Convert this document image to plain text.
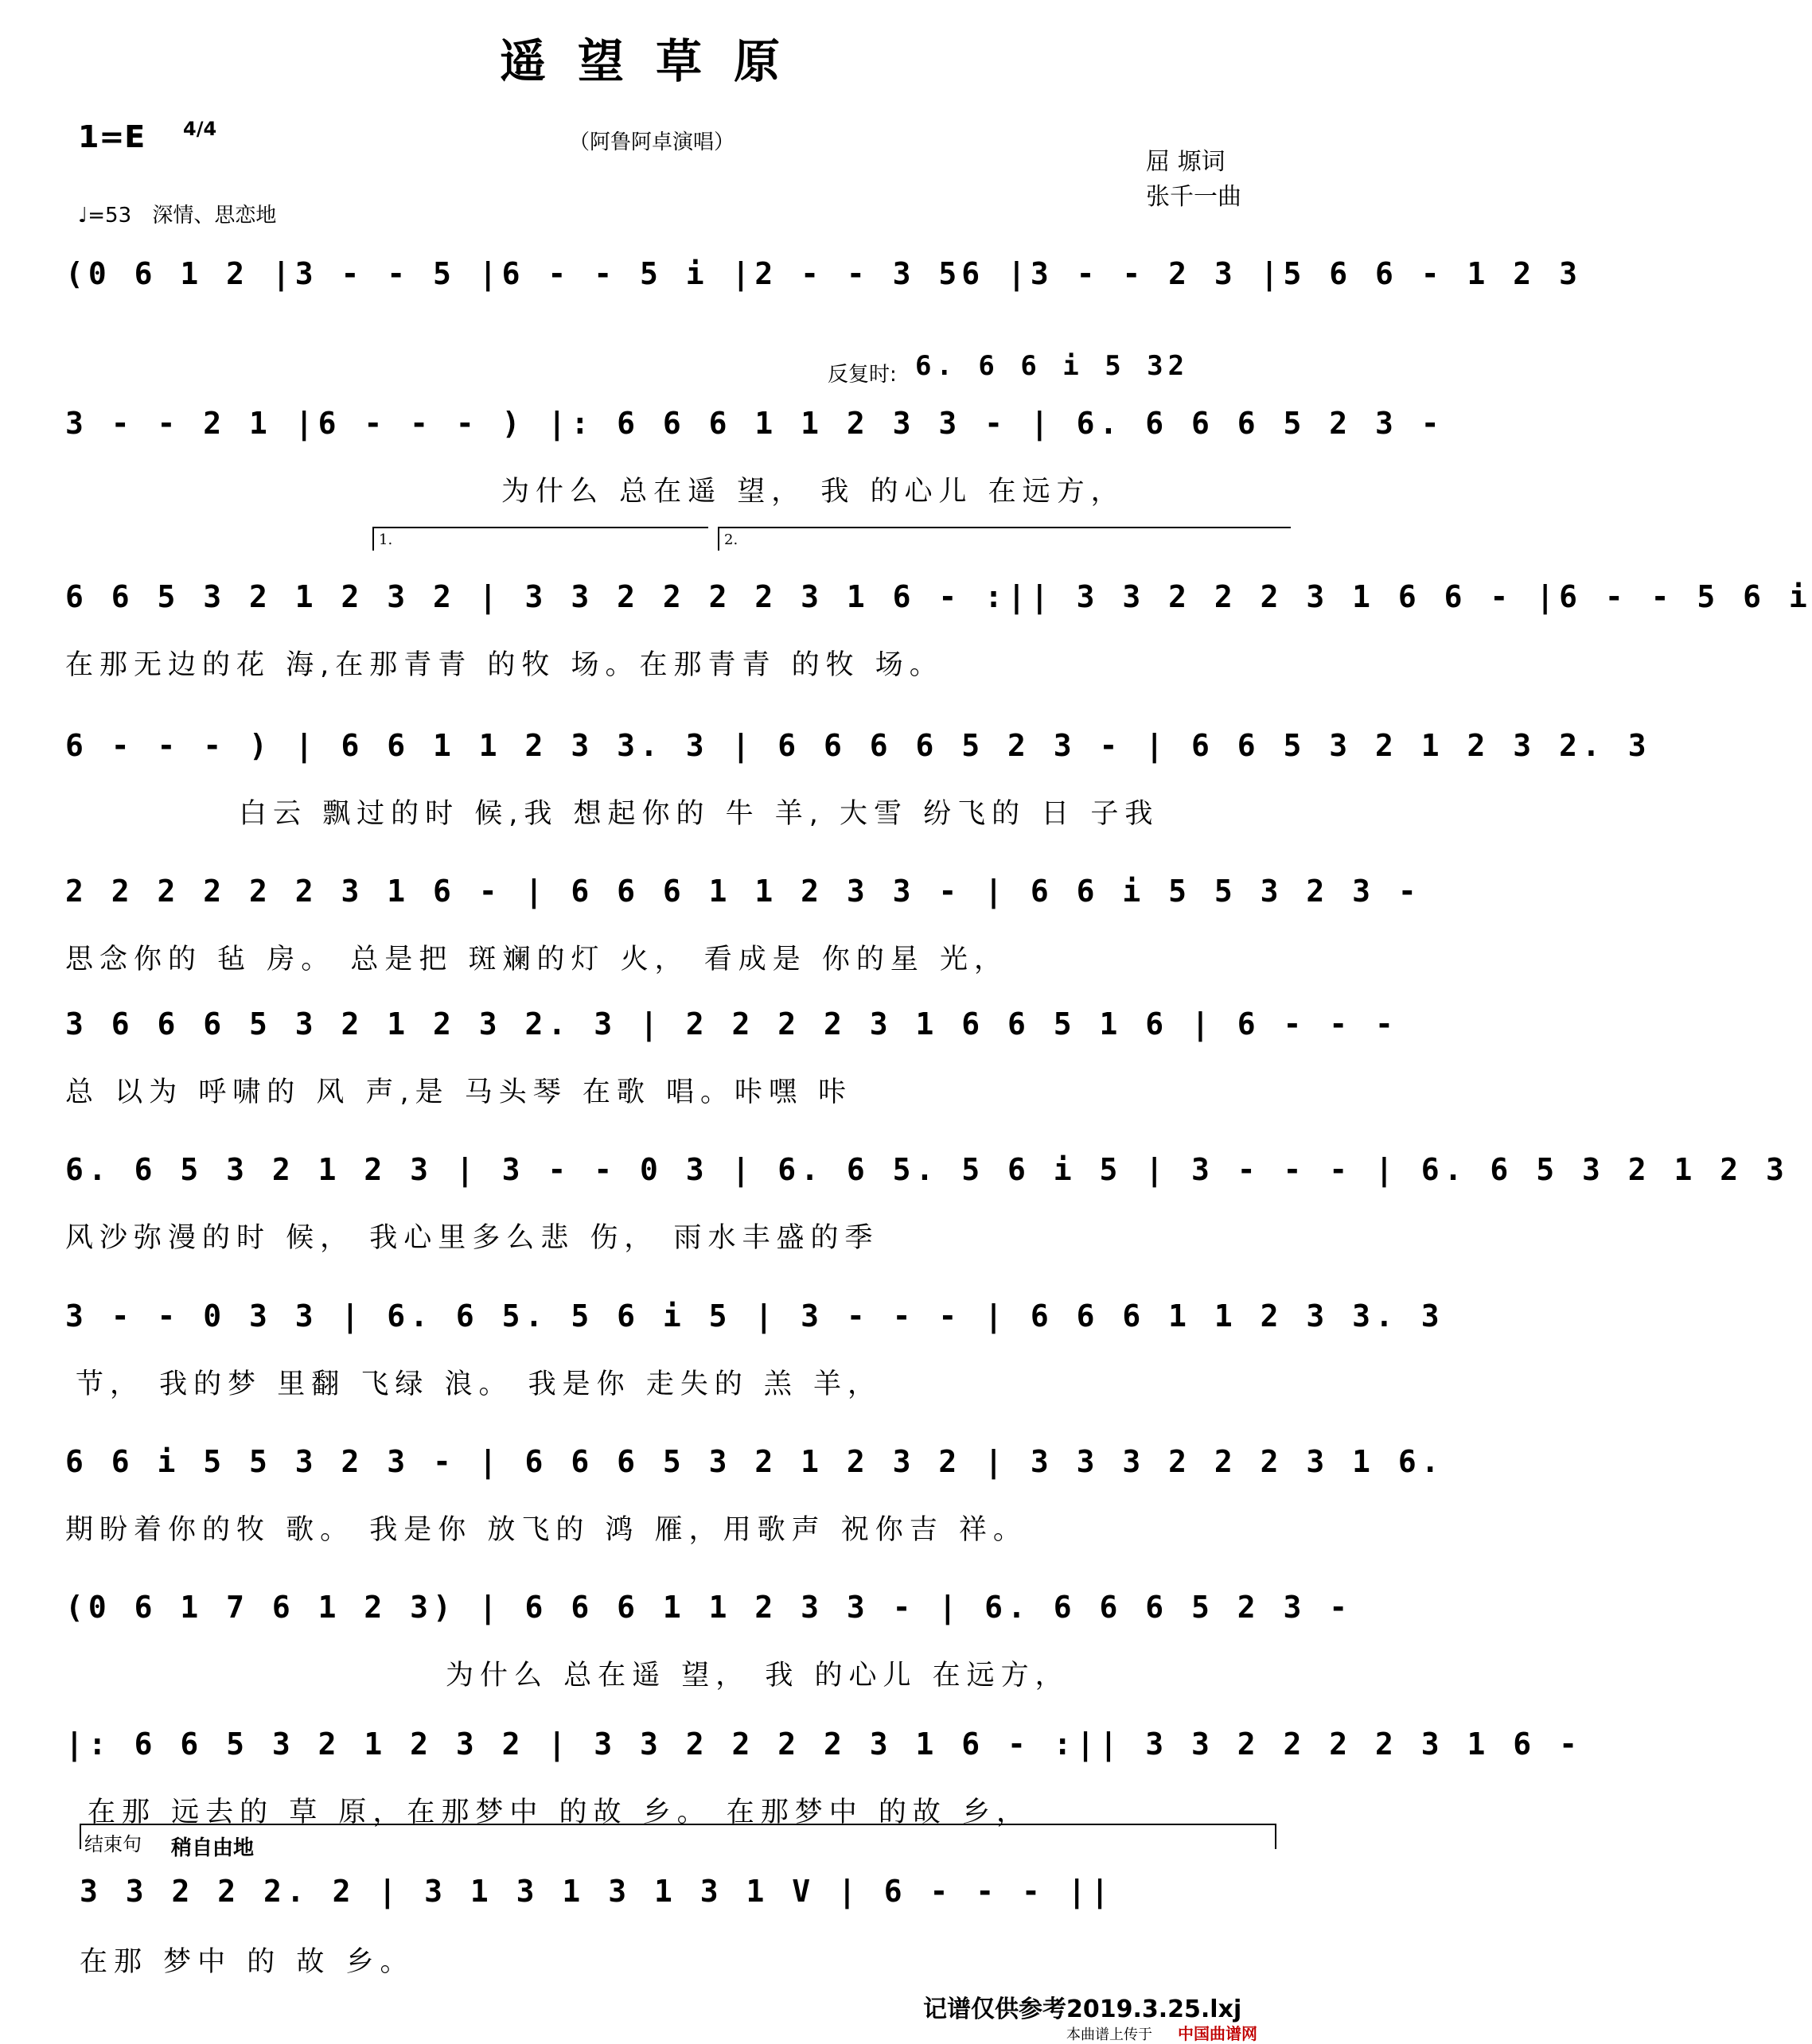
遥望草原
1=E 4/4
♩=53 深情、思恋地
（阿鲁阿卓演唱）
屈 塬词
张千一曲
(0 6 1 2 |3 - - 5 |6 - - 5 i |2 - - 3 56 |3 - - 2 3 |5 6 6 - 1 2 3
反复时: 6. 6 6 i 5 32
3 - - 2 1 |6 - - - ) |: 6 6 6 1 1 2 3 3 - | 6. 6 6 6 5 2 3 -
为什么 总在遥 望， 我 的心儿 在远方，
1.	2.
6 6 5 3 2 1 2 3 2 | 3 3 2 2 2 2 3 1 6 - :|| 3 3 2 2 2 3 1 6 6 - |6 - - 5 6 i
在那无边的花 海,在那青青 的牧 场。在那青青 的牧 场。
6 - - - ) | 6 6 1 1 2 3 3. 3 | 6 6 6 6 5 2 3 - | 6 6 5 3 2 1 2 3 2. 3
白云 飘过的时 候,我 想起你的 牛 羊, 大雪 纷飞的 日 子我
2 2 2 2 2 2 3 1 6 - | 6 6 6 1 1 2 3 3 - | 6 6 i 5 5 3 2 3 -
思念你的 毡 房。 总是把 斑斓的灯 火， 看成是 你的星 光，
3 6 6 6 5 3 2 1 2 3 2. 3 | 2 2 2 2 3 1 6 6 5 1 6 | 6 - - -
总 以为 呼啸的 风 声,是 马头琴 在歌 唱。咔嘿 咔
6. 6 5 3 2 1 2 3 | 3 - - 0 3 | 6. 6 5. 5 6 i 5 | 3 - - - | 6. 6 5 3 2 1 2 3
风沙弥漫的时 候， 我心里多么悲 伤， 雨水丰盛的季
3 - - 0 3 3 | 6. 6 5. 5 6 i 5 | 3 - - - | 6 6 6 1 1 2 3 3. 3
节， 我的梦 里翻 飞绿 浪。 我是你 走失的 羔 羊，
6 6 i 5 5 3 2 3 - | 6 6 6 5 3 2 1 2 3 2 | 3 3 3 2 2 2 3 1 6.
期盼着你的牧 歌。 我是你 放飞的 鸿 雁，用歌声 祝你吉 祥。
(0 6 1 7 6 1 2 3) | 6 6 6 1 1 2 3 3 - | 6. 6 6 6 5 2 3 -
为什么 总在遥 望， 我 的心儿 在远方，
|: 6 6 5 3 2 1 2 3 2 | 3 3 2 2 2 2 3 1 6 - :|| 3 3 2 2 2 2 3 1 6 -
在那 远去的 草 原，在那梦中 的故 乡。 在那梦中 的故 乡，
结束句 稍自由地
3 3 2 2 2. 2 | 3 1 3 1 3 1 3 1 V | 6 - - - ||
在那 梦中 的 故 乡。
记谱仅供参考2019.3.25.lxj
本曲谱上传于 中国曲谱网
